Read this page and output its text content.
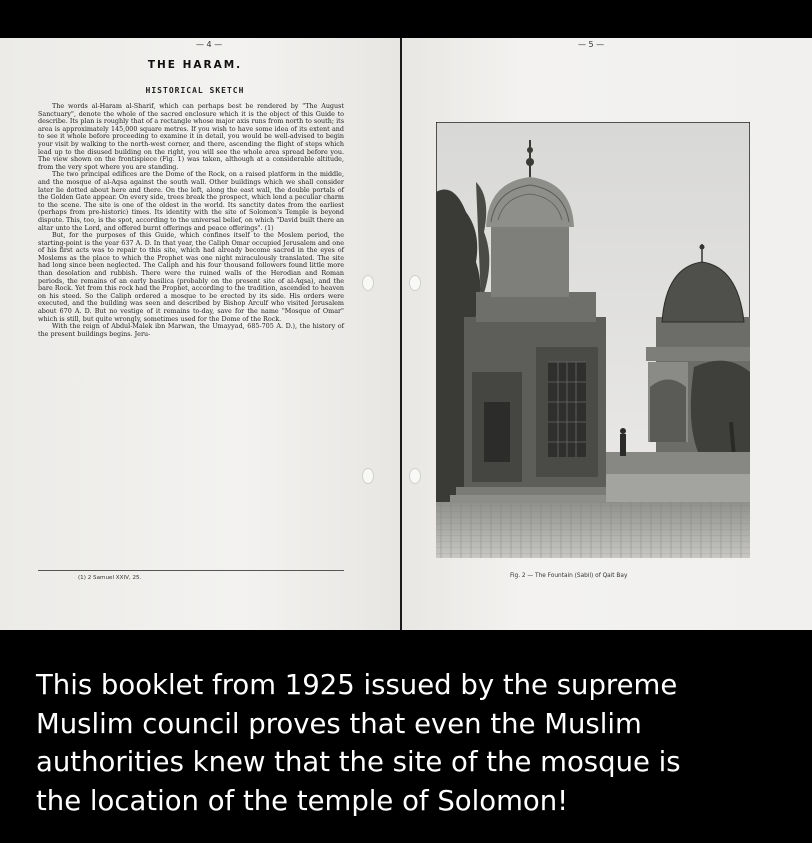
— 4 —
THE HARAM.
HISTORICAL SKETCH

The words al-Haram al-Sharif, which can perhaps best be rendered by "The August Sanctuary", denote the whole of the sacred enclosure which it is the object of this Guide to describe. Its plan is roughly that of a rectangle whose major axis runs from north to south; its area is approximately 145,000 square metres. If you wish to have some idea of its extent and to see it whole before proceeding to examine it in detail, you would be well-advised to begin your visit by walking to the north-west corner, and there, ascending the flight of steps which lead up to the disused building on the right, you will see the whole area spread before you. The view shown on the frontispiece (Fig. 1) was taken, although at a considerable altitude, from the very spot where you are standing.

The two principal edifices are the Dome of the Rock, on a raised platform in the middle, and the mosque of al-Aqsa against the south wall. Other buildings which we shall consider later lie dotted about here and there. On the left, along the east wall, the double portals of the Golden Gate appear. On every side, trees break the prospect, which lend a peculiar charm to the scene. The site is one of the oldest in the world. Its sanctity dates from the earliest (perhaps from pre-historic) times. Its identity with the site of Solomon's Temple is beyond dispute. This, too, is the spot, according to the universal belief, on which "David built there an altar unto the Lord, and offered burnt offerings and peace offerings". (1)

But, for the purposes of this Guide, which confines itself to the Moslem period, the starting-point is the year 637 A. D. In that year, the Caliph Omar occupied Jerusalem and one of his first acts was to repair to this site, which had already become sacred in the eyes of Moslems as the place to which the Prophet was one night miraculously translated. The site had long since been neglected. The Caliph and his four thousand followers found little more than desolation and rubbish. There were the ruined walls of the Herodian and Roman periods, the remains of an early basilica (probably on the present site of al-Aqsa), and the bare Rock. Yet from this rock had the Prophet, according to the tradition, ascended to heaven on his steed. So the Caliph ordered a mosque to be erected by its side. His orders were executed, and the building was seen and described by Bishop Arculf who visited Jerusalem about 670 A. D. But no vestige of it remains to-day, save for the name "Mosque of Omar" which is still, but quite wrongly, sometimes used for the Dome of the Rock.

With the reign of Abdul-Malek ibn Marwan, the Umayyad, 685-705 A. D.), the history of the present buildings begins. Jeru-

(1) 2 Samuel XXIV, 25.
— 5 —
Fig. 2 — The Fountain (Sabil) of Qait Bay
This booklet from 1925 issued by the supreme
Muslim council proves that even the Muslim
authorities knew that the site of the mosque is
the location of the temple of Solomon!
